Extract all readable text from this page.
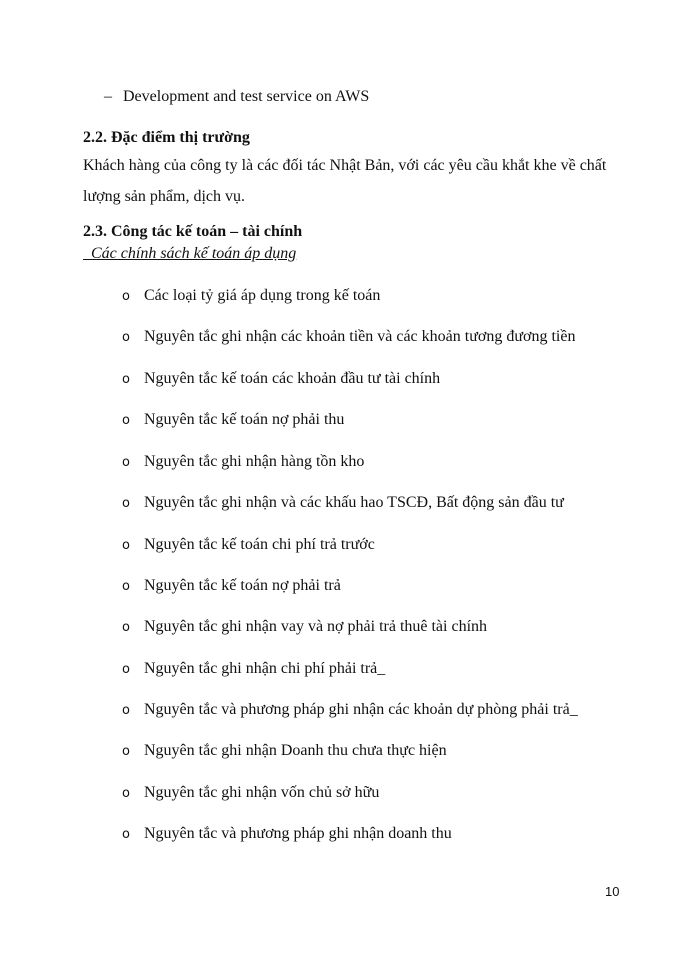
– Development and test service on AWS
2.2. Đặc điểm thị trường
Khách hàng của công ty là các đối tác Nhật Bản, với các yêu cầu khắt khe về chất lượng sản phẩm, dịch vụ.
2.3. Công tác kế toán – tài chính
Các chính sách kế toán áp dụng
o Các loại tỷ giá áp dụng trong kế toán
o Nguyên tắc ghi nhận các khoản tiền và các khoản tương đương tiền
o Nguyên tắc kế toán các khoản đầu tư tài chính
o Nguyên tắc kế toán nợ phải thu
o Nguyên tắc ghi nhận hàng tồn kho
o Nguyên tắc ghi nhận và các khấu hao TSCĐ, Bất động sản đầu tư
o Nguyên tắc kế toán chi phí trả trước
o Nguyên tắc kế toán nợ phải trả
o Nguyên tắc ghi nhận vay và nợ phải trả thuê tài chính
o Nguyên tắc ghi nhận chi phí phải trả_
o Nguyên tắc và phương pháp ghi nhận các khoản dự phòng phải trả_
o Nguyên tắc ghi nhận Doanh thu chưa thực hiện
o Nguyên tắc ghi nhận vốn chủ sở hữu
o Nguyên tắc và phương pháp ghi nhận doanh thu
10
